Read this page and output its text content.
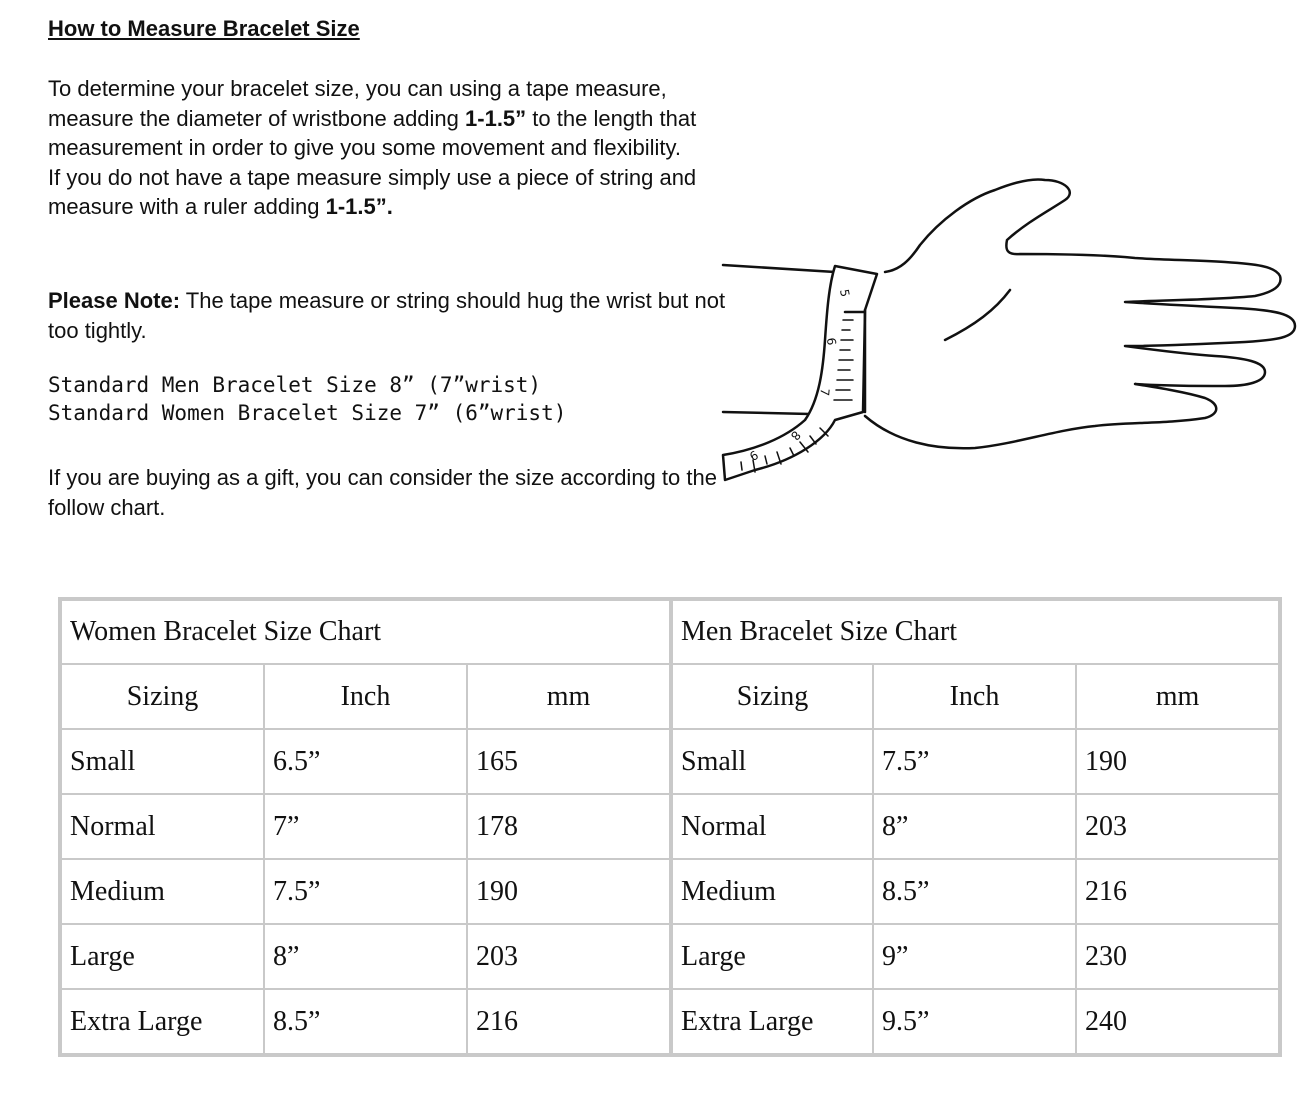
How to Measure Bracelet Size

To determine your bracelet size, you can using a tape measure, measure the diameter of wristbone adding 1-1.5” to the length that measurement in order to give you some movement and flexibility.
If you do not have a tape measure simply use a piece of string and measure with a ruler adding 1-1.5”.

Please Note: The tape measure or string should hug the wrist but not too tightly.

Standard Men Bracelet Size 8” (7”wrist)
Standard Women Bracelet Size 7” (6”wrist)

If you are buying as a gift, you can consider the size according to the follow chart.

5
6
7
8
9
Women Bracelet Size Chart			Men Bracelet Size Chart		
Sizing	Inch	mm	Sizing	Inch	mm
Small	6.5”	165	Small	7.5”	190
Normal	7”	178	Normal	8”	203
Medium	7.5”	190	Medium	8.5”	216
Large	8”	203	Large	9”	230
Extra Large	8.5”	216	Extra Large	9.5”	240
